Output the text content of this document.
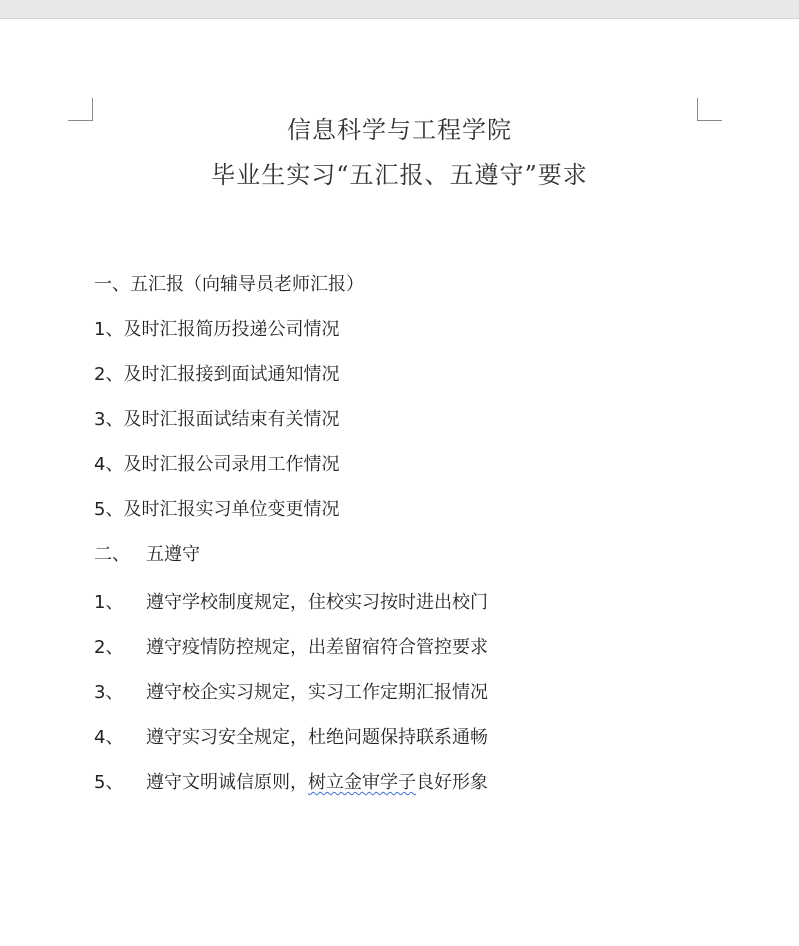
信息科学与工程学院
毕业生实习“五汇报、五遵守”要求
一、五汇报（向辅导员老师汇报）
1、及时汇报简历投递公司情况
2、及时汇报接到面试通知情况
3、及时汇报面试结束有关情况
4、及时汇报公司录用工作情况
5、及时汇报实习单位变更情况
二、 五遵守
1、 遵守学校制度规定，住校实习按时进出校门
2、 遵守疫情防控规定，出差留宿符合管控要求
3、 遵守校企实习规定，实习工作定期汇报情况
4、 遵守实习安全规定，杜绝问题保持联系通畅
5、 遵守文明诚信原则，树立金审学子良好形象
